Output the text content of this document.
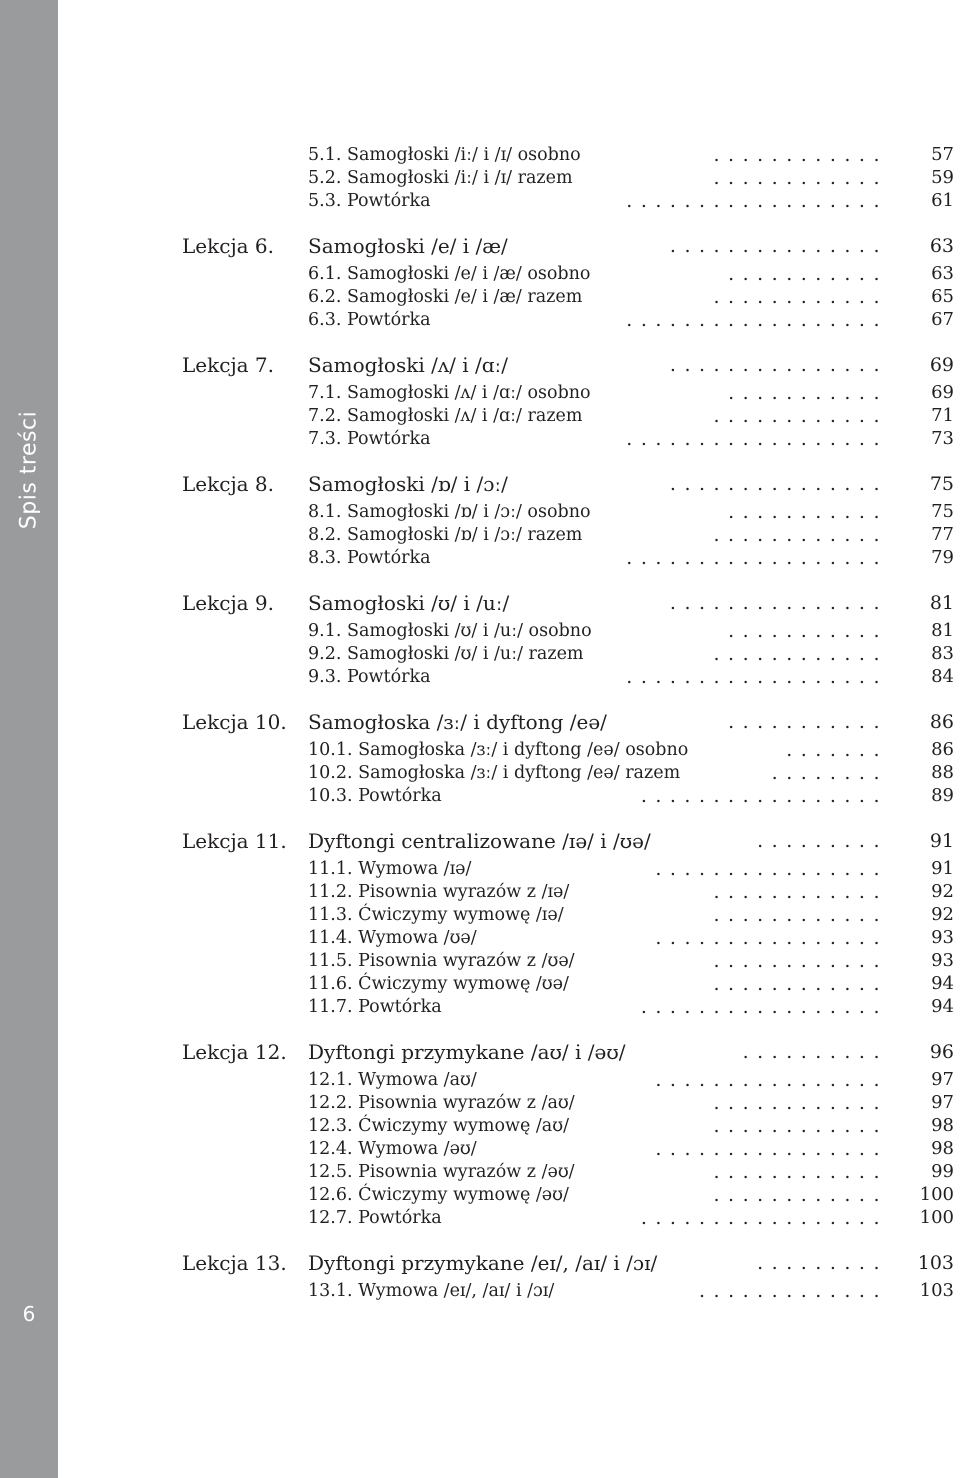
Spis treści
6
5.1. Samogłoski /iː/ i /ɪ/ osobno	............	57
5.2. Samogłoski /iː/ i /ɪ/ razem	............	59
5.3. Powtórka	..................	61
Lekcja 6. Samogłoski /e/ i /æ/	...............	63
6.1. Samogłoski /e/ i /æ/ osobno	...........	63
6.2. Samogłoski /e/ i /æ/ razem	............	65
6.3. Powtórka	..................	67
Lekcja 7. Samogłoski /ʌ/ i /ɑː/	...............	69
7.1. Samogłoski /ʌ/ i /ɑː/ osobno	...........	69
7.2. Samogłoski /ʌ/ i /ɑː/ razem	............	71
7.3. Powtórka	..................	73
Lekcja 8. Samogłoski /ɒ/ i /ɔː/	...............	75
8.1. Samogłoski /ɒ/ i /ɔː/ osobno	...........	75
8.2. Samogłoski /ɒ/ i /ɔː/ razem	............	77
8.3. Powtórka	..................	79
Lekcja 9. Samogłoski /ʊ/ i /uː/	...............	81
9.1. Samogłoski /ʊ/ i /uː/ osobno	...........	81
9.2. Samogłoski /ʊ/ i /uː/ razem	............	83
9.3. Powtórka	..................	84
Lekcja 10. Samogłoska /ɜː/ i dyftong /eə/	...........	86
10.1. Samogłoska /ɜː/ i dyftong /eə/ osobno	.......	86
10.2. Samogłoska /ɜː/ i dyftong /eə/ razem	........	88
10.3. Powtórka	.................	89
Lekcja 11. Dyftongi centralizowane /ɪə/ i /ʊə/	.........	91
11.1. Wymowa /ɪə/	................	91
11.2. Pisownia wyrazów z /ɪə/	............	92
11.3. Ćwiczymy wymowę /ɪə/	............	92
11.4. Wymowa /ʊə/	................	93
11.5. Pisownia wyrazów z /ʊə/	............	93
11.6. Ćwiczymy wymowę /ʊə/	............	94
11.7. Powtórka	.................	94
Lekcja 12. Dyftongi przymykane /aʊ/ i /əʊ/	..........	96
12.1. Wymowa /aʊ/	................	97
12.2. Pisownia wyrazów z /aʊ/	............	97
12.3. Ćwiczymy wymowę /aʊ/	............	98
12.4. Wymowa /əʊ/	................	98
12.5. Pisownia wyrazów z /əʊ/	............	99
12.6. Ćwiczymy wymowę /əʊ/	............	100
12.7. Powtórka	.................	100
Lekcja 13. Dyftongi przymykane /eɪ/, /aɪ/ i /ɔɪ/	.........	103
13.1. Wymowa /eɪ/, /aɪ/ i /ɔɪ/	.............	103
